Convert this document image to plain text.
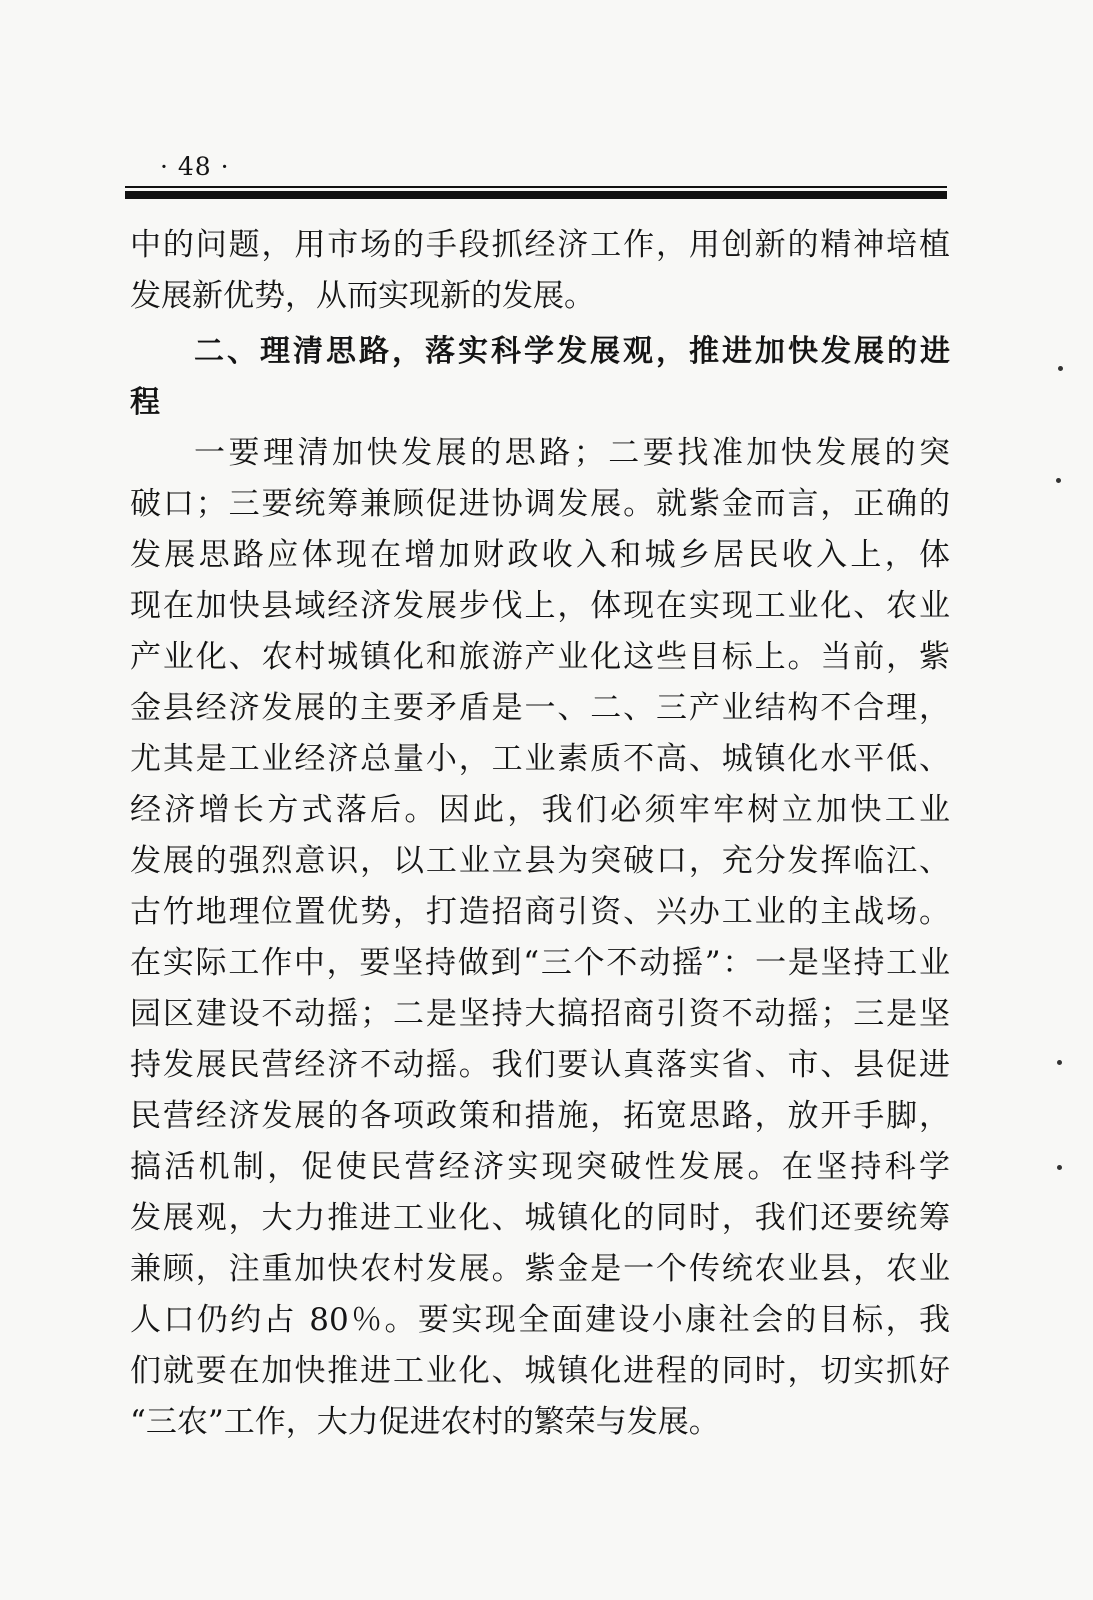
· 48 ·
中的问题，用市场的手段抓经济工作，用创新的精神培植
发展新优势，从而实现新的发展。
二、理清思路，落实科学发展观，推进加快发展的进
程
一要理清加快发展的思路；二要找准加快发展的突
破口；三要统筹兼顾促进协调发展。就紫金而言，正确的
发展思路应体现在增加财政收入和城乡居民收入上，体
现在加快县域经济发展步伐上，体现在实现工业化、农业
产业化、农村城镇化和旅游产业化这些目标上。当前，紫
金县经济发展的主要矛盾是一、二、三产业结构不合理，
尤其是工业经济总量小，工业素质不高、城镇化水平低、
经济增长方式落后。因此，我们必须牢牢树立加快工业
发展的强烈意识，以工业立县为突破口，充分发挥临江、
古竹地理位置优势，打造招商引资、兴办工业的主战场。
在实际工作中，要坚持做到“三个不动摇”：一是坚持工业
园区建设不动摇；二是坚持大搞招商引资不动摇；三是坚
持发展民营经济不动摇。我们要认真落实省、市、县促进
民营经济发展的各项政策和措施，拓宽思路，放开手脚，
搞活机制，促使民营经济实现突破性发展。在坚持科学
发展观，大力推进工业化、城镇化的同时，我们还要统筹
兼顾，注重加快农村发展。紫金是一个传统农业县，农业
人口仍约占 80％。要实现全面建设小康社会的目标，我
们就要在加快推进工业化、城镇化进程的同时，切实抓好
“三农”工作，大力促进农村的繁荣与发展。
